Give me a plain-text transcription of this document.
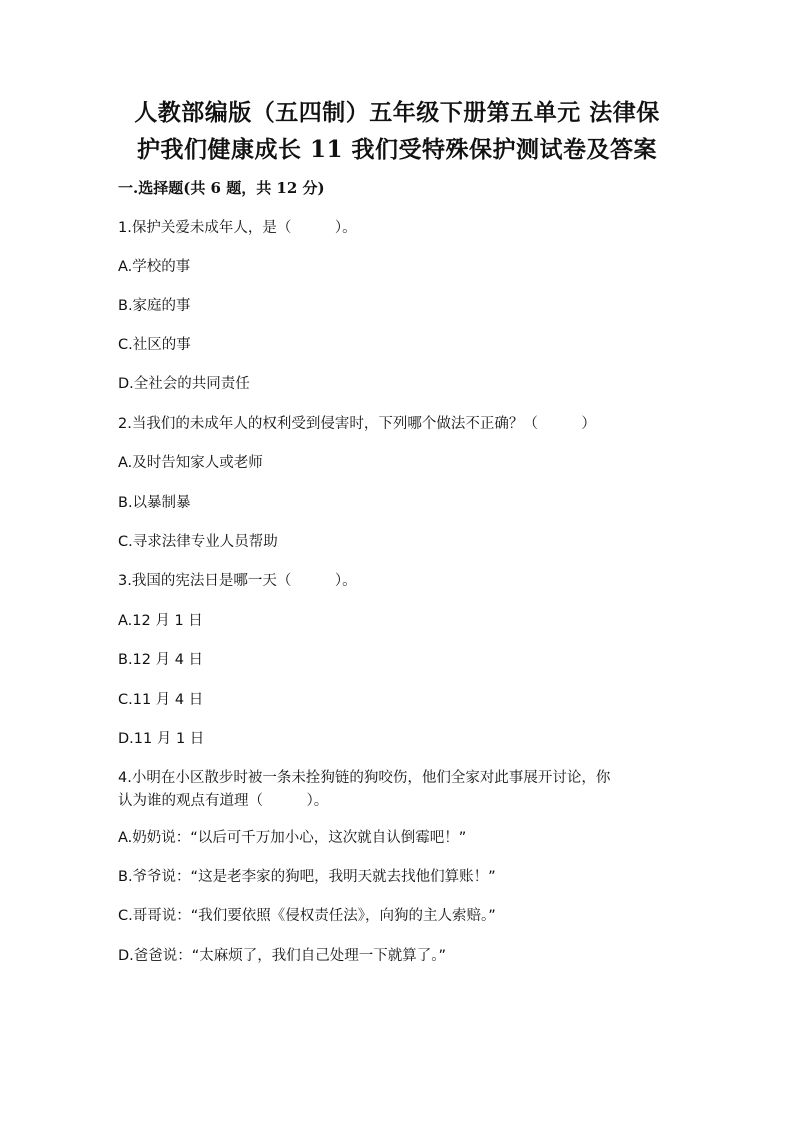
人教部编版（五四制）五年级下册第五单元 法律保
护我们健康成长 11 我们受特殊保护测试卷及答案
一.选择题(共 6 题，共 12 分)
1.保护关爱未成年人，是（　　　）。
A.学校的事
B.家庭的事
C.社区的事
D.全社会的共同责任
2.当我们的未成年人的权利受到侵害时，下列哪个做法不正确？（　　　）
A.及时告知家人或老师
B.以暴制暴
C.寻求法律专业人员帮助
3.我国的宪法日是哪一天（　　　）。
A.12 月 1 日
B.12 月 4 日
C.11 月 4 日
D.11 月 1 日
4.小明在小区散步时被一条未拴狗链的狗咬伤，他们全家对此事展开讨论，你
认为谁的观点有道理（　　　）。
A.奶奶说：“以后可千万加小心，这次就自认倒霉吧！”
B.爷爷说：“这是老李家的狗吧，我明天就去找他们算账！”
C.哥哥说：“我们要依照《侵权责任法》，向狗的主人索赔。”
D.爸爸说：“太麻烦了，我们自己处理一下就算了。”
